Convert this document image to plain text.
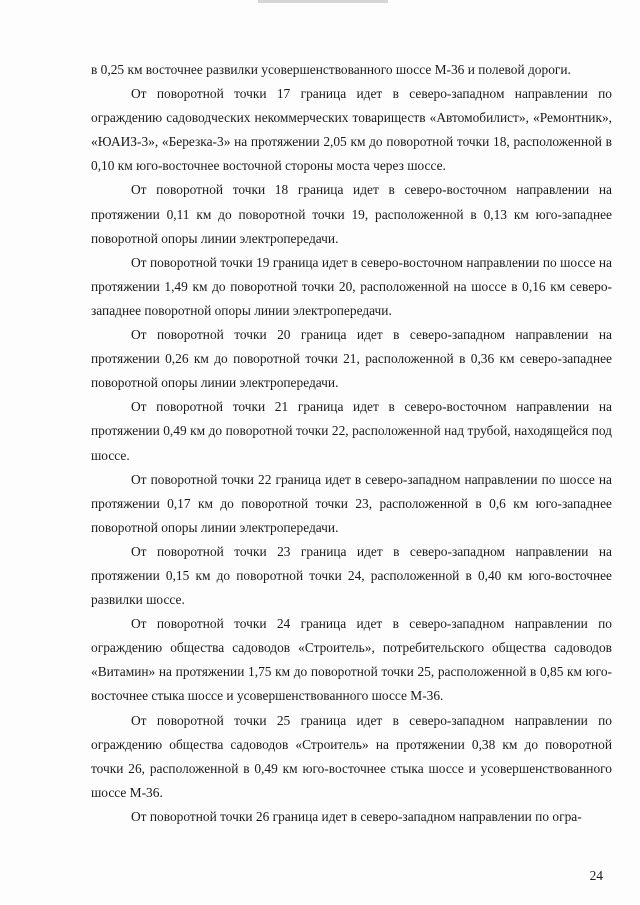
в 0,25 км восточнее развилки усовершенствованного шоссе М-36 и полевой дороги.

От поворотной точки 17 граница идет в северо-западном направлении по ограждению садоводческих некоммерческих товариществ «Автомобилист», «Ремонтник», «ЮАИЗ-3», «Березка-3» на протяжении 2,05 км до поворотной точки 18, расположенной в 0,10 км юго-восточнее восточной стороны моста через шоссе.

От поворотной точки 18 граница идет в северо-восточном направлении на протяжении 0,11 км до поворотной точки 19, расположенной в 0,13 км юго-западнее поворотной опоры линии электропередачи.

От поворотной точки 19 граница идет в северо-восточном направлении по шоссе на протяжении 1,49 км до поворотной точки 20, расположенной на шоссе в 0,16 км северо-западнее поворотной опоры линии электропередачи.

От поворотной точки 20 граница идет в северо-западном направлении на протяжении 0,26 км до поворотной точки 21, расположенной в 0,36 км северо-западнее поворотной опоры линии электропередачи.

От поворотной точки 21 граница идет в северо-восточном направлении на протяжении 0,49 км до поворотной точки 22, расположенной над трубой, находящейся под шоссе.

От поворотной точки 22 граница идет в северо-западном направлении по шоссе на протяжении 0,17 км до поворотной точки 23, расположенной в 0,6 км юго-западнее поворотной опоры линии электропередачи.

От поворотной точки 23 граница идет в северо-западном направлении на протяжении 0,15 км до поворотной точки 24, расположенной в 0,40 км юго-восточнее развилки шоссе.

От поворотной точки 24 граница идет в северо-западном направлении по ограждению общества садоводов «Строитель», потребительского общества садоводов «Витамин» на протяжении 1,75 км до поворотной точки 25, расположенной в 0,85 км юго-восточнее стыка шоссе и усовершенствованного шоссе М-36.

От поворотной точки 25 граница идет в северо-западном направлении по ограждению общества садоводов «Строитель» на протяжении 0,38 км до поворотной точки 26, расположенной в 0,49 км юго-восточнее стыка шоссе и усовершенствованного шоссе М-36.

От поворотной точки 26 граница идет в северо-западном направлении по огра-

24
